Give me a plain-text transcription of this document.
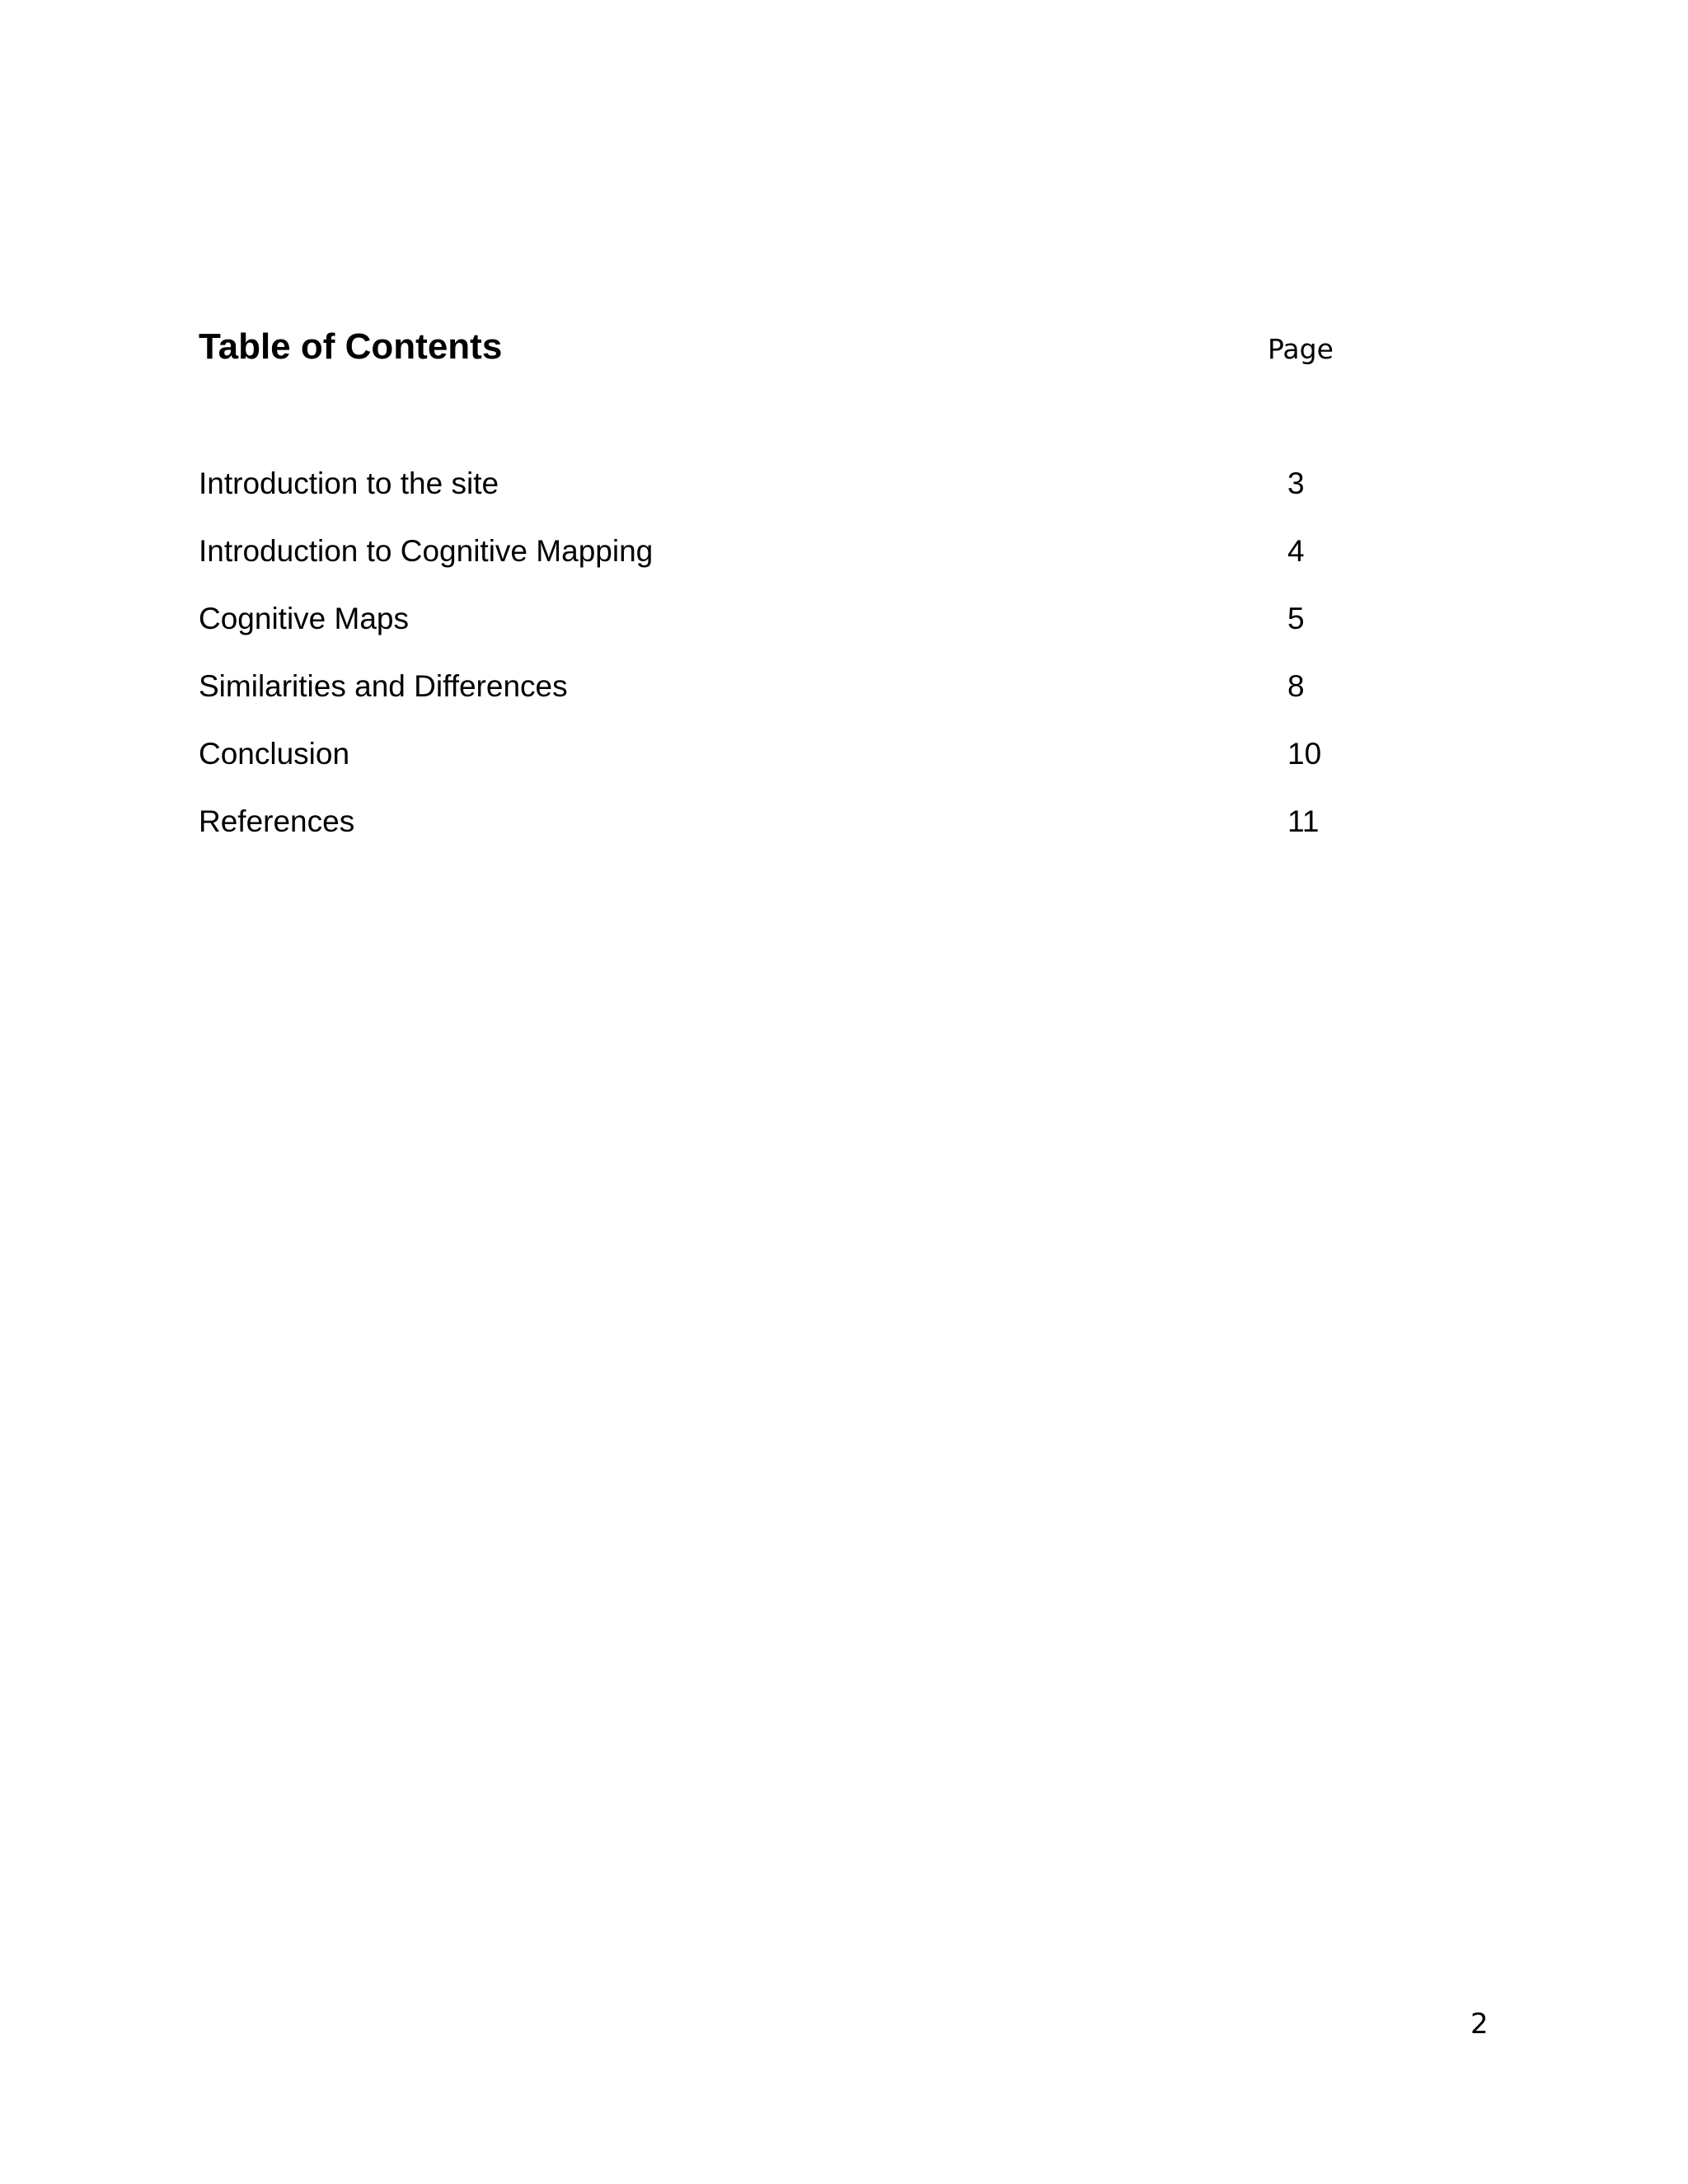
Table of Contents	Page
Introduction to the site	3
Introduction to Cognitive Mapping	4
Cognitive Maps	5
Similarities and Differences	8
Conclusion	10
References	11
2
